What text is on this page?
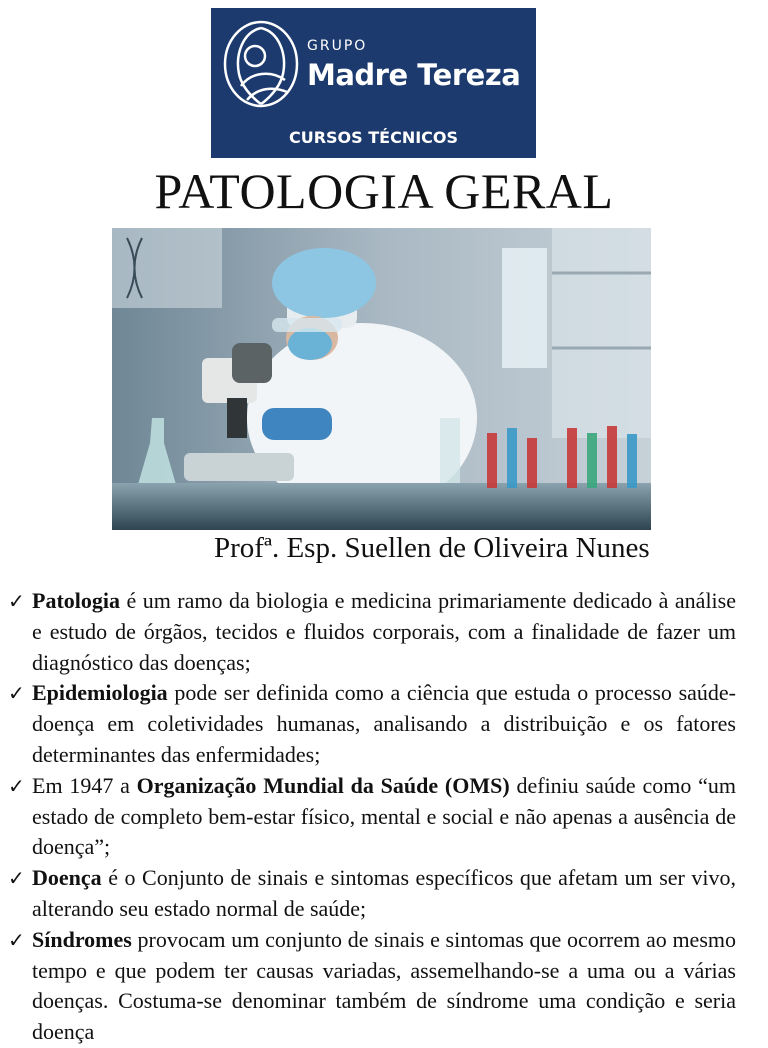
GRUPO
Madre Tereza
CURSOS TÉCNICOS
PATOLOGIA GERAL
Profª. Esp. Suellen de Oliveira Nunes
✓ Patologia é um ramo da biologia e medicina primariamente dedicado à análise e estudo de órgãos, tecidos e fluidos corporais, com a finalidade de fazer um diagnóstico das doenças;
✓ Epidemiologia pode ser definida como a ciência que estuda o processo saúde- doença em coletividades humanas, analisando a distribuição e os fatores determinantes das enfermidades;
✓ Em 1947 a Organização Mundial da Saúde (OMS) definiu saúde como “um estado de completo bem-estar físico, mental e social e não apenas a ausência de doença”;
✓ Doença é o Conjunto de sinais e sintomas específicos que afetam um ser vivo, alterando seu estado normal de saúde;
✓ Síndromes provocam um conjunto de sinais e sintomas que ocorrem ao mesmo tempo e que podem ter causas variadas, assemelhando-se a uma ou a várias doenças. Costuma-se denominar também de síndrome uma condição e seria doença
